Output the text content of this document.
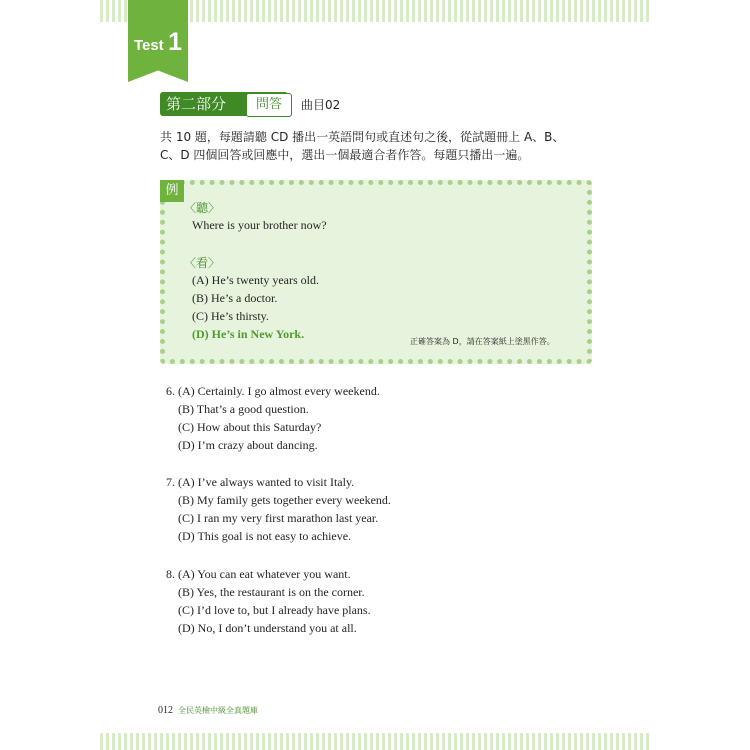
Test 1
第二部分	問答	曲目02
共 10 題，每題請聽 CD 播出一英語問句或直述句之後，從試題冊上 A、B、
C、D 四個回答或回應中，選出一個最適合者作答。每題只播出一遍。
例
〈聽〉
Where is your brother now?
〈看〉
(A) He’s twenty years old.
(B) He’s a doctor.
(C) He’s thirsty.
(D) He’s in New York.
正確答案為 D，請在答案紙上塗黑作答。
6. (A) Certainly. I go almost every weekend.
(B) That’s a good question.
(C) How about this Saturday?
(D) I’m crazy about dancing.
7. (A) I’ve always wanted to visit Italy.
(B) My family gets together every weekend.
(C) I ran my very first marathon last year.
(D) This goal is not easy to achieve.
8. (A) You can eat whatever you want.
(B) Yes, the restaurant is on the corner.
(C) I’d love to, but I already have plans.
(D) No, I don’t understand you at all.
012 全民英檢中級全真題庫
